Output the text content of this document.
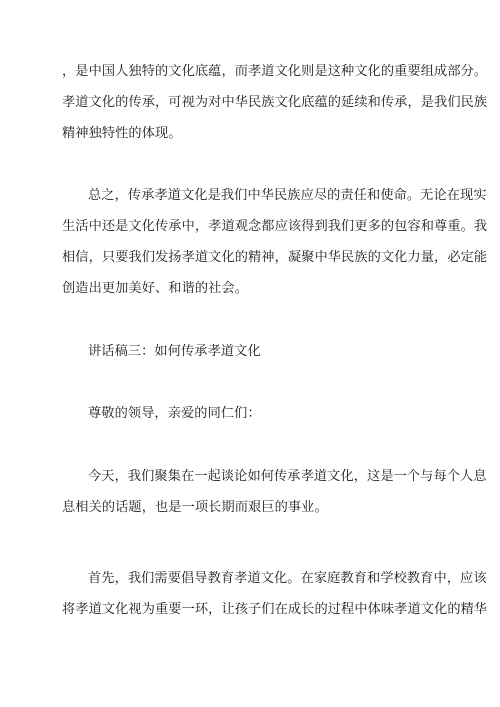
，是中国人独特的文化底蕴，而孝道文化则是这种文化的重要组成部分。
孝道文化的传承，可视为对中华民族文化底蕴的延续和传承，是我们民族
精神独特性的体现。
总之，传承孝道文化是我们中华民族应尽的责任和使命。无论在现实
生活中还是文化传承中，孝道观念都应该得到我们更多的包容和尊重。我
相信，只要我们发扬孝道文化的精神，凝聚中华民族的文化力量，必定能
创造出更加美好、和谐的社会。
讲话稿三：如何传承孝道文化
尊敬的领导，亲爱的同仁们：
今天，我们聚集在一起谈论如何传承孝道文化，这是一个与每个人息
息相关的话题，也是一项长期而艰巨的事业。
首先，我们需要倡导教育孝道文化。在家庭教育和学校教育中，应该
将孝道文化视为重要一环，让孩子们在成长的过程中体味孝道文化的精华
